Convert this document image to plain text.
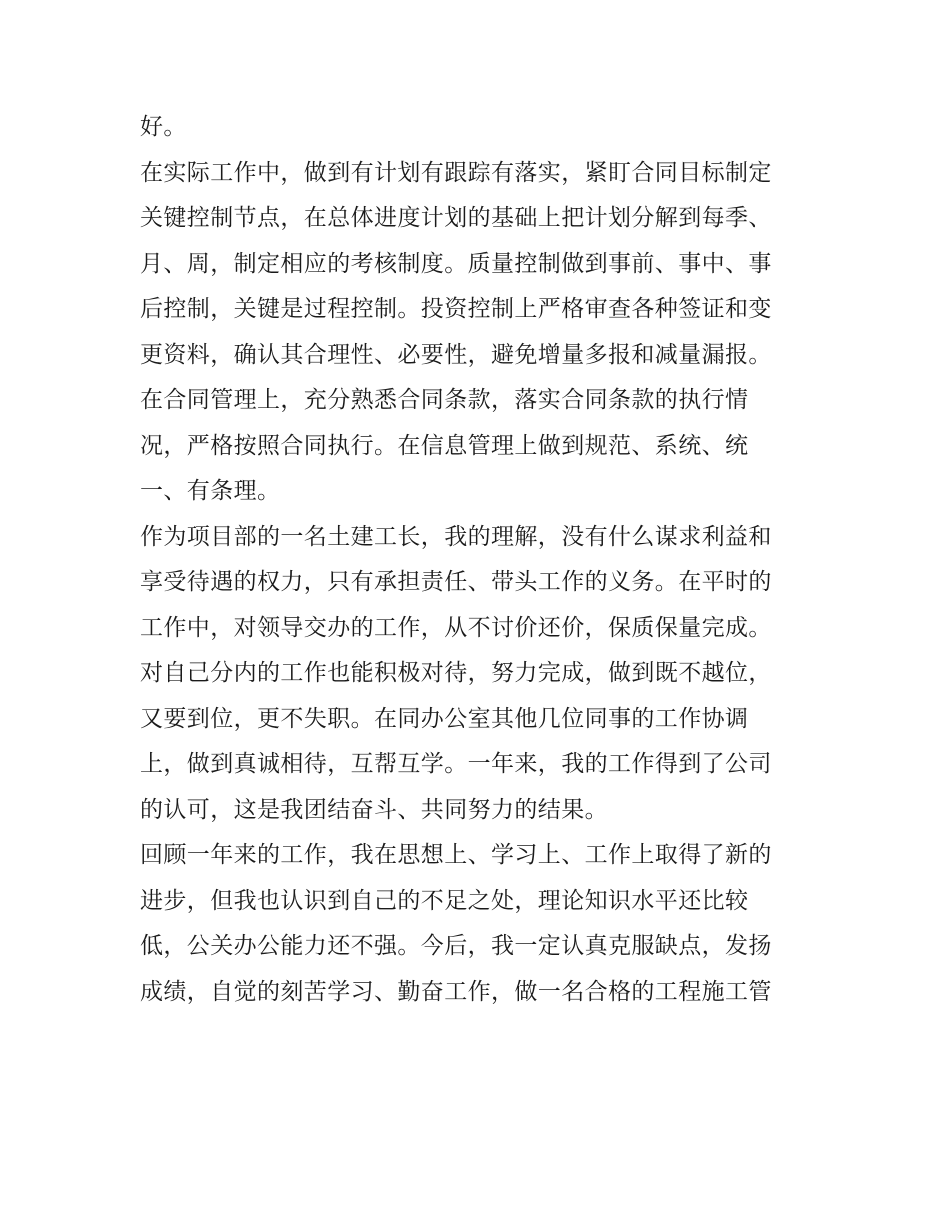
好。
在实际工作中，做到有计划有跟踪有落实，紧盯合同目标制定
关键控制节点，在总体进度计划的基础上把计划分解到每季、
月、周，制定相应的考核制度。质量控制做到事前、事中、事
后控制，关键是过程控制。投资控制上严格审查各种签证和变
更资料，确认其合理性、必要性，避免增量多报和减量漏报。
在合同管理上，充分熟悉合同条款，落实合同条款的执行情
况，严格按照合同执行。在信息管理上做到规范、系统、统
一、有条理。
作为项目部的一名土建工长，我的理解，没有什么谋求利益和
享受待遇的权力，只有承担责任、带头工作的义务。在平时的
工作中，对领导交办的工作，从不讨价还价，保质保量完成。
对自己分内的工作也能积极对待，努力完成，做到既不越位，
又要到位，更不失职。在同办公室其他几位同事的工作协调
上，做到真诚相待，互帮互学。一年来，我的工作得到了公司
的认可，这是我团结奋斗、共同努力的结果。
回顾一年来的工作，我在思想上、学习上、工作上取得了新的
进步，但我也认识到自己的不足之处，理论知识水平还比较
低，公关办公能力还不强。今后，我一定认真克服缺点，发扬
成绩，自觉的刻苦学习、勤奋工作，做一名合格的工程施工管
